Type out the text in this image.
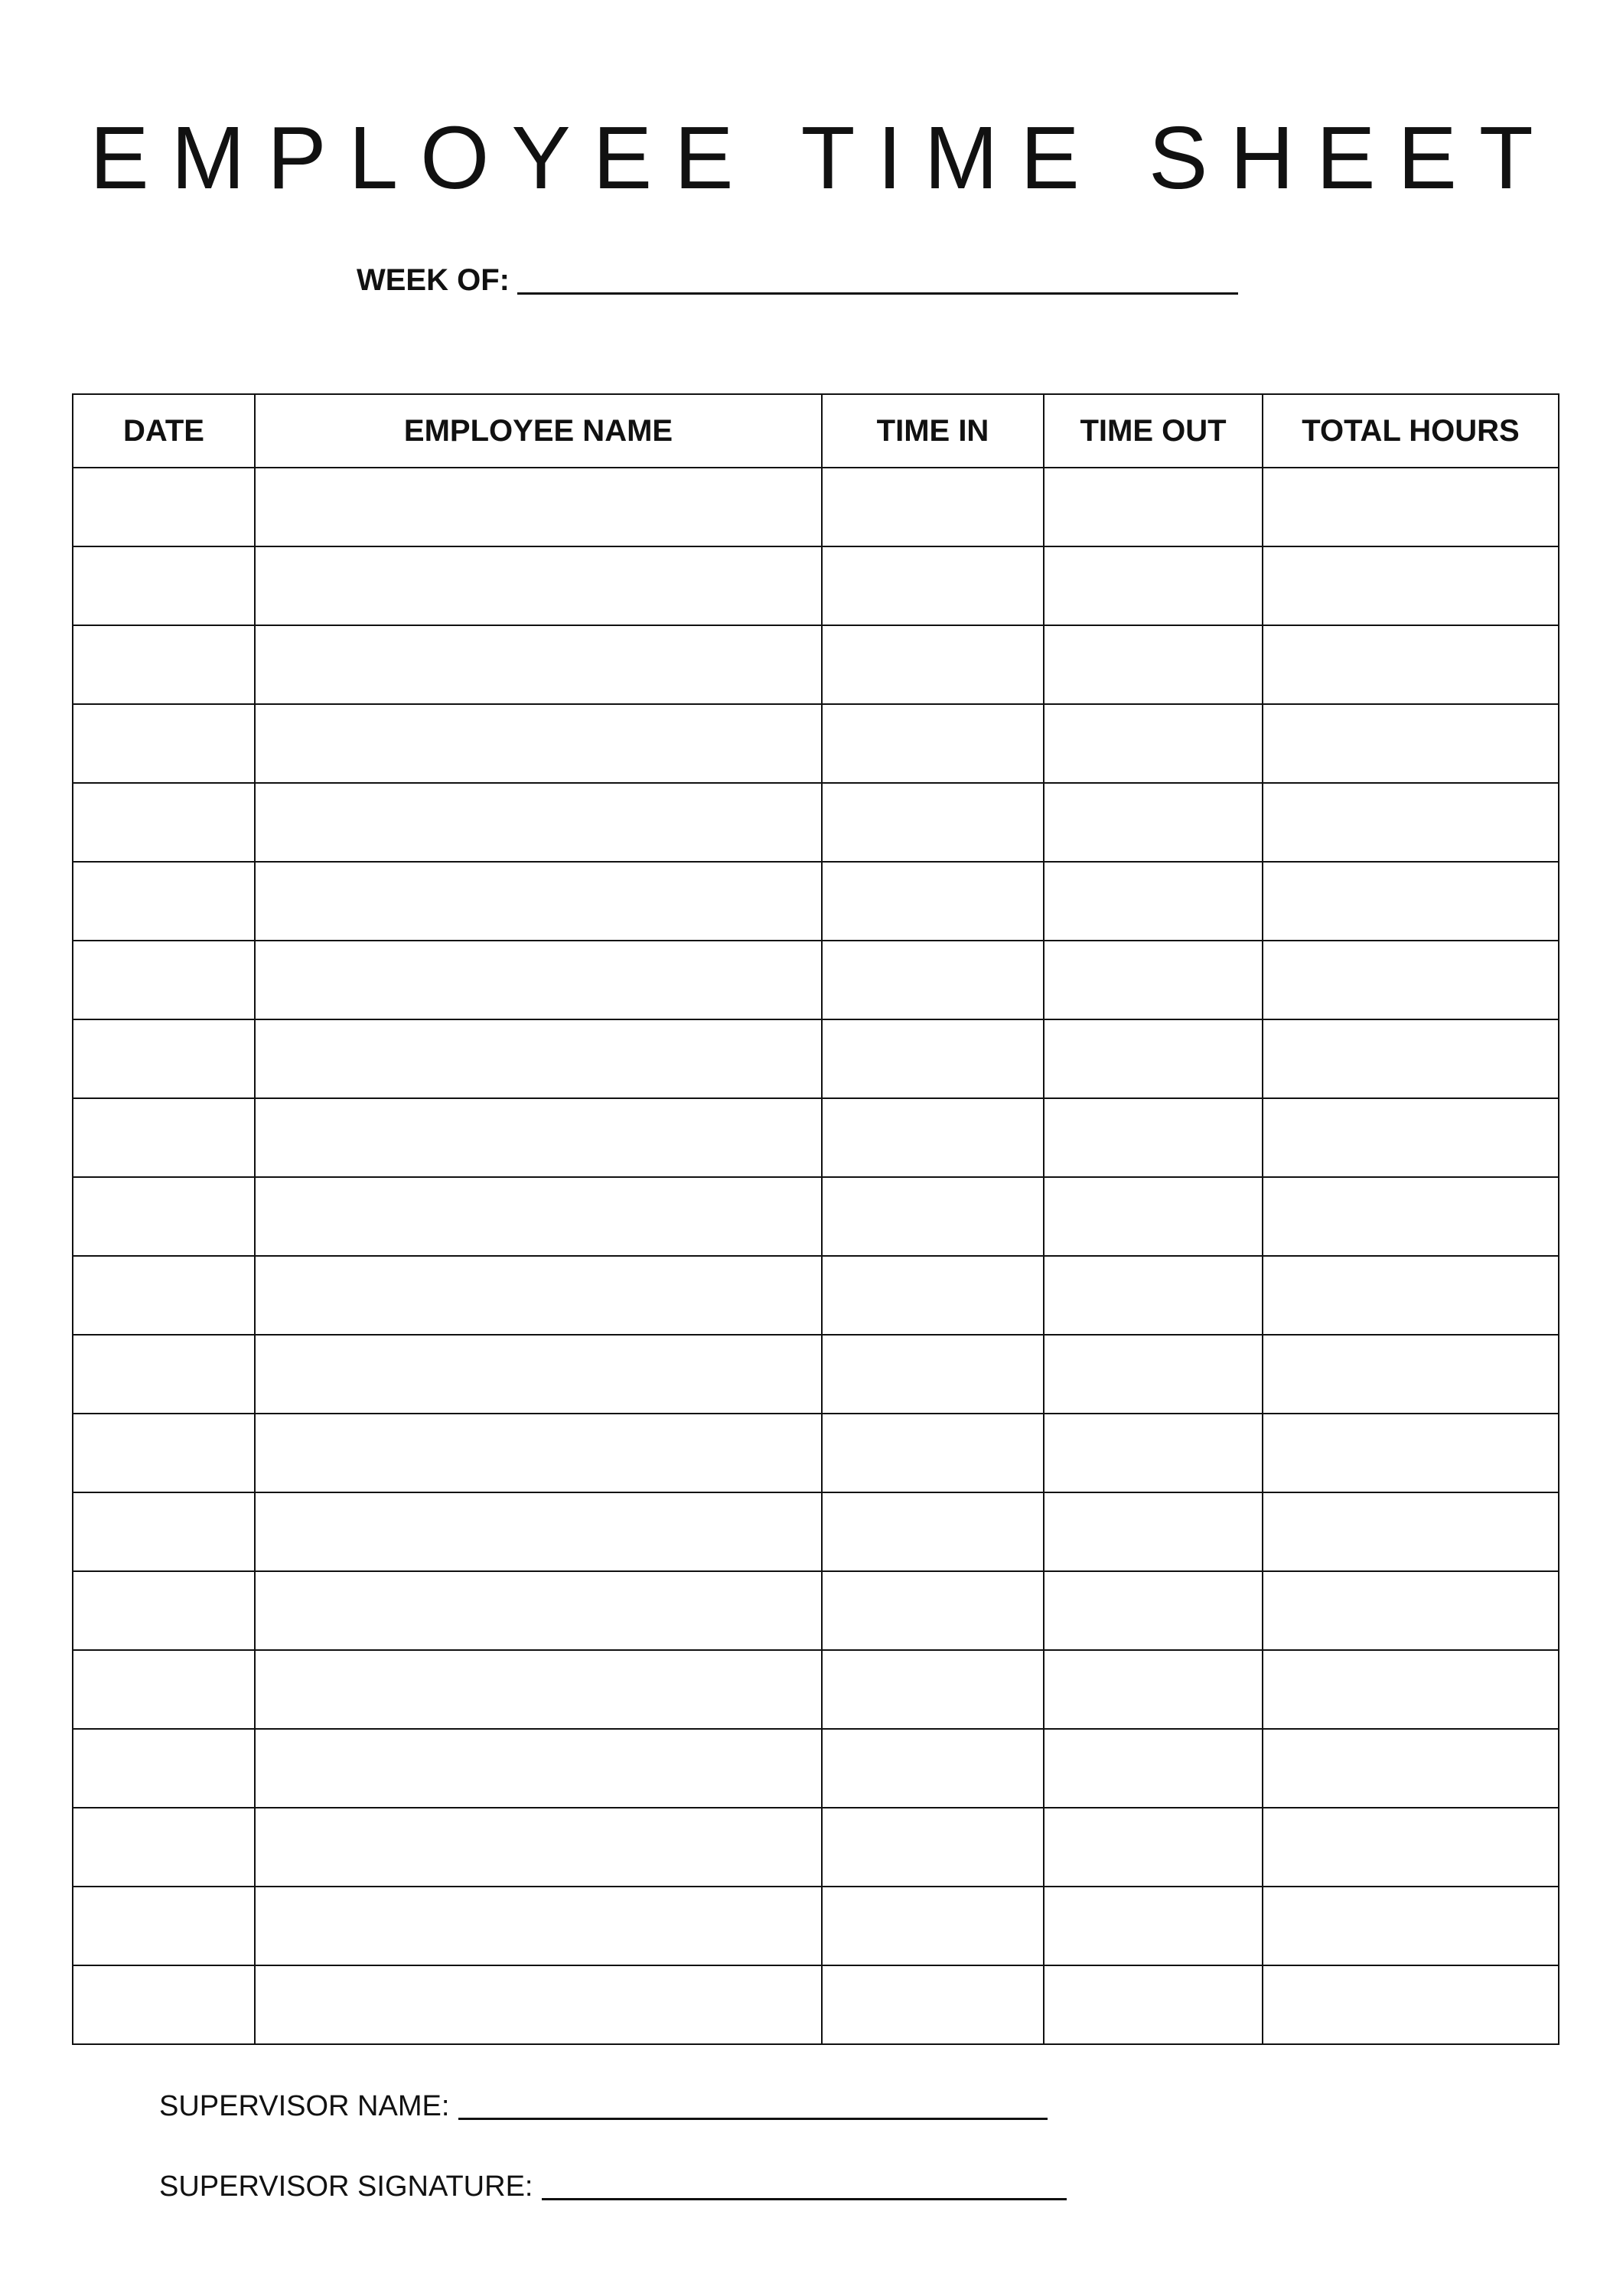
EMPLOYEE TIME SHEET
WEEK OF:
DATE	EMPLOYEE NAME	TIME IN	TIME OUT	TOTAL HOURS

SUPERVISOR NAME:
SUPERVISOR SIGNATURE:
